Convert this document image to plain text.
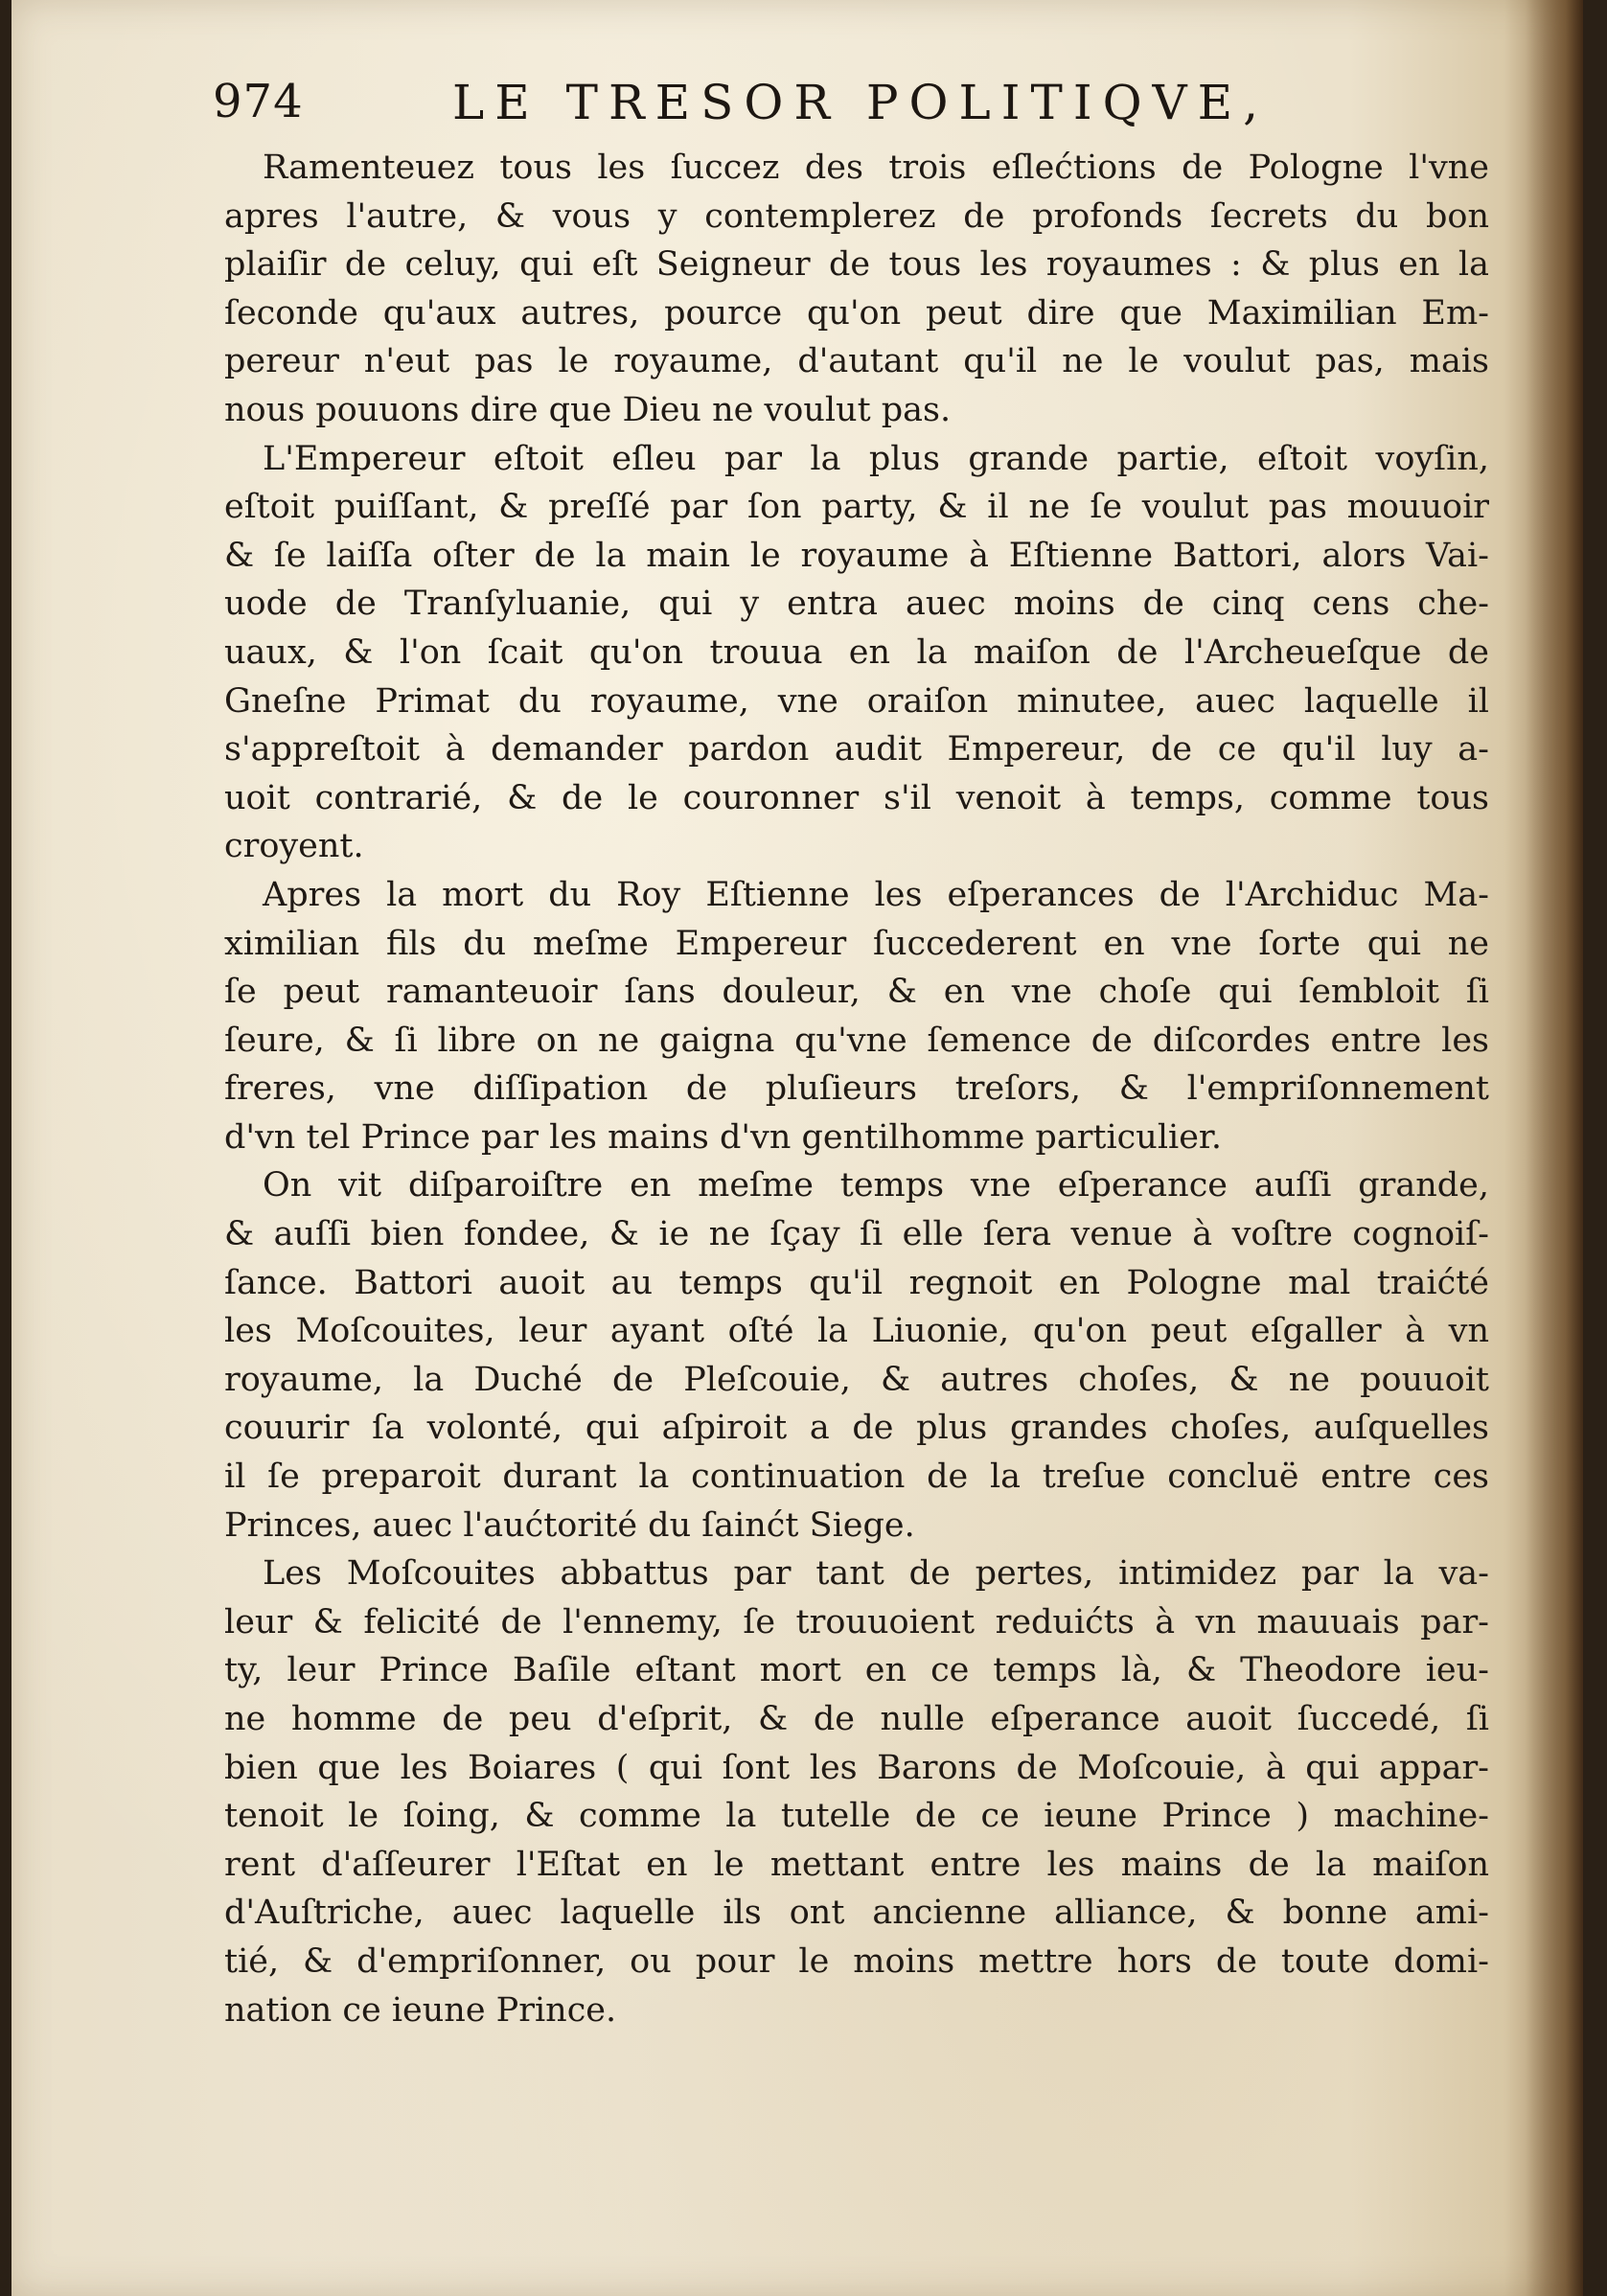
974	LE TRESOR POLITIQVE,
Ramenteuez tous les ſuccez des trois eſlećtions de Pologne l'vne
apres l'autre, & vous y contemplerez de profonds ſecrets du bon
plaiſir de celuy, qui eſt Seigneur de tous les royaumes : & plus en la
ſeconde qu'aux autres, pource qu'on peut dire que Maximilian Em-
pereur n'eut pas le royaume, d'autant qu'il ne le voulut pas, mais
nous pouuons dire que Dieu ne voulut pas.
L'Empereur eſtoit eſleu par la plus grande partie, eſtoit voyſin,
eſtoit puiſſant, & preſſé par ſon party, & il ne ſe voulut pas mouuoir
& ſe laiſſa oſter de la main le royaume à Eſtienne Battori, alors Vai-
uode de Tranſyluanie, qui y entra auec moins de cinq cens che-
uaux, & l'on ſcait qu'on trouua en la maiſon de l'Archeueſque de
Gneſne Primat du royaume, vne oraiſon minutee, auec laquelle il
s'appreſtoit à demander pardon audit Empereur, de ce qu'il luy a-
uoit contrarié, & de le couronner s'il venoit à temps, comme tous
croyent.
Apres la mort du Roy Eſtienne les eſperances de l'Archiduc Ma-
ximilian fils du meſme Empereur ſuccederent en vne ſorte qui ne
ſe peut ramanteuoir ſans douleur, & en vne choſe qui ſembloit ſi
ſeure, & ſi libre on ne gaigna qu'vne ſemence de diſcordes entre les
freres, vne diſſipation de pluſieurs treſors, & l'empriſonnement
d'vn tel Prince par les mains d'vn gentilhomme particulier.
On vit diſparoiſtre en meſme temps vne eſperance auſſi grande,
& auſſi bien fondee, & ie ne ſçay ſi elle ſera venue à voſtre cognoiſ-
ſance. Battori auoit au temps qu'il regnoit en Pologne mal traićté
les Moſcouites, leur ayant oſté la Liuonie, qu'on peut eſgaller à vn
royaume, la Duché de Pleſcouie, & autres choſes, & ne pouuoit
couurir ſa volonté, qui aſpiroit a de plus grandes choſes, auſquelles
il ſe preparoit durant la continuation de la treſue concluë entre ces
Princes, auec l'aućtorité du ſainćt Siege.
Les Moſcouites abbattus par tant de pertes, intimidez par la va-
leur & felicité de l'ennemy, ſe trouuoient reduićts à vn mauuais par-
ty, leur Prince Baſile eſtant mort en ce temps là, & Theodore ieu-
ne homme de peu d'eſprit, & de nulle eſperance auoit ſuccedé, ſi
bien que les Boiares ( qui ſont les Barons de Moſcouie, à qui appar-
tenoit le ſoing, & comme la tutelle de ce ieune Prince ) machine-
rent d'aſſeurer l'Eſtat en le mettant entre les mains de la maiſon
d'Auſtriche, auec laquelle ils ont ancienne alliance, & bonne ami-
tié, & d'empriſonner, ou pour le moins mettre hors de toute domi-
nation ce ieune Prince.
